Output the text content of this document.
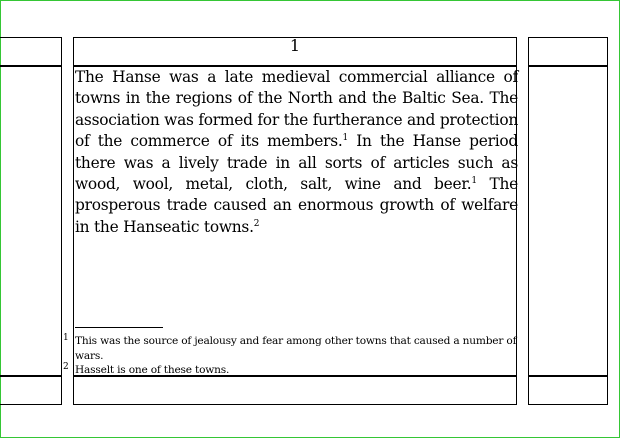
1

The Hanse was a late medieval commercial alliance of towns in the regions of the North and the Baltic Sea. The association was formed for the furtherance and protection of the commerce of its members.$^1$ In the Hanse period there was a lively trade in all sorts of articles such as wood, wool, metal, cloth, salt, wine and beer.$^1$ The prosperous trade caused an enormous growth of welfare in the Hanseatic towns.$^2$

1 This was the source of jealousy and fear among other towns that caused a number of wars.

2 Hasselt is one of these towns.
